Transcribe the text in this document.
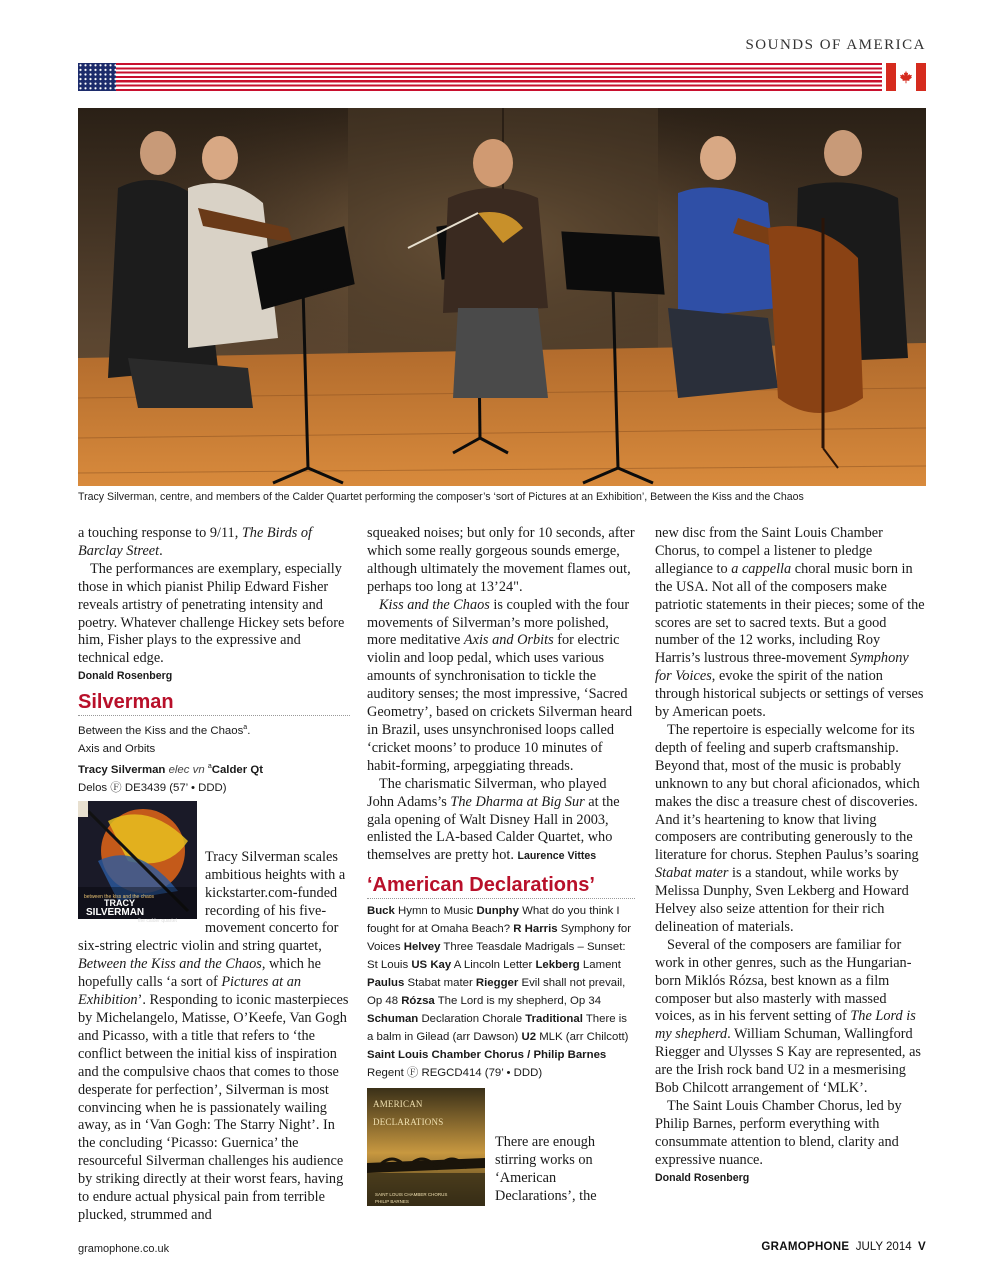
SOUNDS OF AMERICA
Tracy Silverman, centre, and members of the Calder Quartet performing the composer’s ‘sort of Pictures at an Exhibition’, Between the Kiss and the Chaos

a touching response to 9/11, The Birds of Barclay Street.

The performances are exemplary, especially those in which pianist Philip Edward Fisher reveals artistry of penetrating intensity and poetry. Whatever challenge Hickey sets before him, Fisher plays to the expressive and technical edge.

Donald Rosenberg

Silverman
Between the Kiss and the Chaos$^a$.
Axis and Orbits
Tracy Silverman elec vn $^a$Calder Qt
Delos Ⓕ DE3439 (57’ • DDD)
between the kiss and the chaos
TRACY
SILVERMAN
the calder quartet

Tracy Silverman scales ambitious heights with a kickstarter.com-funded recording of his five-movement concerto for six-string electric violin and string quartet, Between the Kiss and the Chaos, which he hopefully calls ‘a sort of Pictures at an Exhibition’. Responding to iconic masterpieces by Michelangelo, Matisse, O’Keefe, Van Gogh and Picasso, with a title that refers to ‘the conflict between the initial kiss of inspiration and the compulsive chaos that comes to those desperate for perfection’, Silverman is most convincing when he is passionately wailing away, as in ‘Van Gogh: The Starry Night’. In the concluding ‘Picasso: Guernica’ the resourceful Silverman challenges his audience by striking directly at their worst fears, having to endure actual physical pain from terrible plucked, strummed and

squeaked noises; but only for 10 seconds, after which some really gorgeous sounds emerge, although ultimately the movement flames out, perhaps too long at 13’24".

Kiss and the Chaos is coupled with the four movements of Silverman’s more polished, more meditative Axis and Orbits for electric violin and loop pedal, which uses various amounts of synchronisation to tickle the auditory senses; the most impressive, ‘Sacred Geometry’, based on crickets Silverman heard in Brazil, uses unsynchronised loops called ‘cricket moons’ to produce 10 minutes of habit-forming, arpeggiating threads.

The charismatic Silverman, who played John Adams’s The Dharma at Big Sur at the gala opening of Walt Disney Hall in 2003, enlisted the LA-based Calder Quartet, who themselves are pretty hot. Laurence Vittes

‘American Declarations’
Buck Hymn to Music Dunphy What do you think I fought for at Omaha Beach? R Harris Symphony for Voices Helvey Three Teasdale Madrigals – Sunset: St Louis US Kay A Lincoln Letter Lekberg Lament Paulus Stabat mater Riegger Evil shall not prevail, Op 48 Rózsa The Lord is my shepherd, Op 34 Schuman Declaration Chorale Traditional There is a balm in Gilead (arr Dawson) U2 MLK (arr Chilcott)
Saint Louis Chamber Chorus / Philip Barnes
Regent Ⓕ REGCD414 (79’ • DDD)
AMERICAN DECLARATIONS
SAINT LOUIS CHAMBER CHORUS
PHILIP BARNES

There are enough stirring works on ‘American Declarations’, the

new disc from the Saint Louis Chamber Chorus, to compel a listener to pledge allegiance to a cappella choral music born in the USA. Not all of the composers make patriotic statements in their pieces; some of the scores are set to sacred texts. But a good number of the 12 works, including Roy Harris’s lustrous three-movement Symphony for Voices, evoke the spirit of the nation through historical subjects or settings of verses by American poets.

The repertoire is especially welcome for its depth of feeling and superb craftsmanship. Beyond that, most of the music is probably unknown to any but choral aficionados, which makes the disc a treasure chest of discoveries. And it’s heartening to know that living composers are contributing generously to the literature for chorus. Stephen Paulus’s soaring Stabat mater is a standout, while works by Melissa Dunphy, Sven Lekberg and Howard Helvey also seize attention for their rich delineation of materials.

Several of the composers are familiar for work in other genres, such as the Hungarian-born Miklós Rózsa, best known as a film composer but also masterly with massed voices, as in his fervent setting of The Lord is my shepherd. William Schuman, Wallingford Riegger and Ulysses S Kay are represented, as are the Irish rock band U2 in a mesmerising Bob Chilcott arrangement of ‘MLK’.

The Saint Louis Chamber Chorus, led by Philip Barnes, perform everything with consummate attention to blend, clarity and expressive nuance.

Donald Rosenberg

gramophone.co.uk	GRAMOPHONE JULY 2014 V
